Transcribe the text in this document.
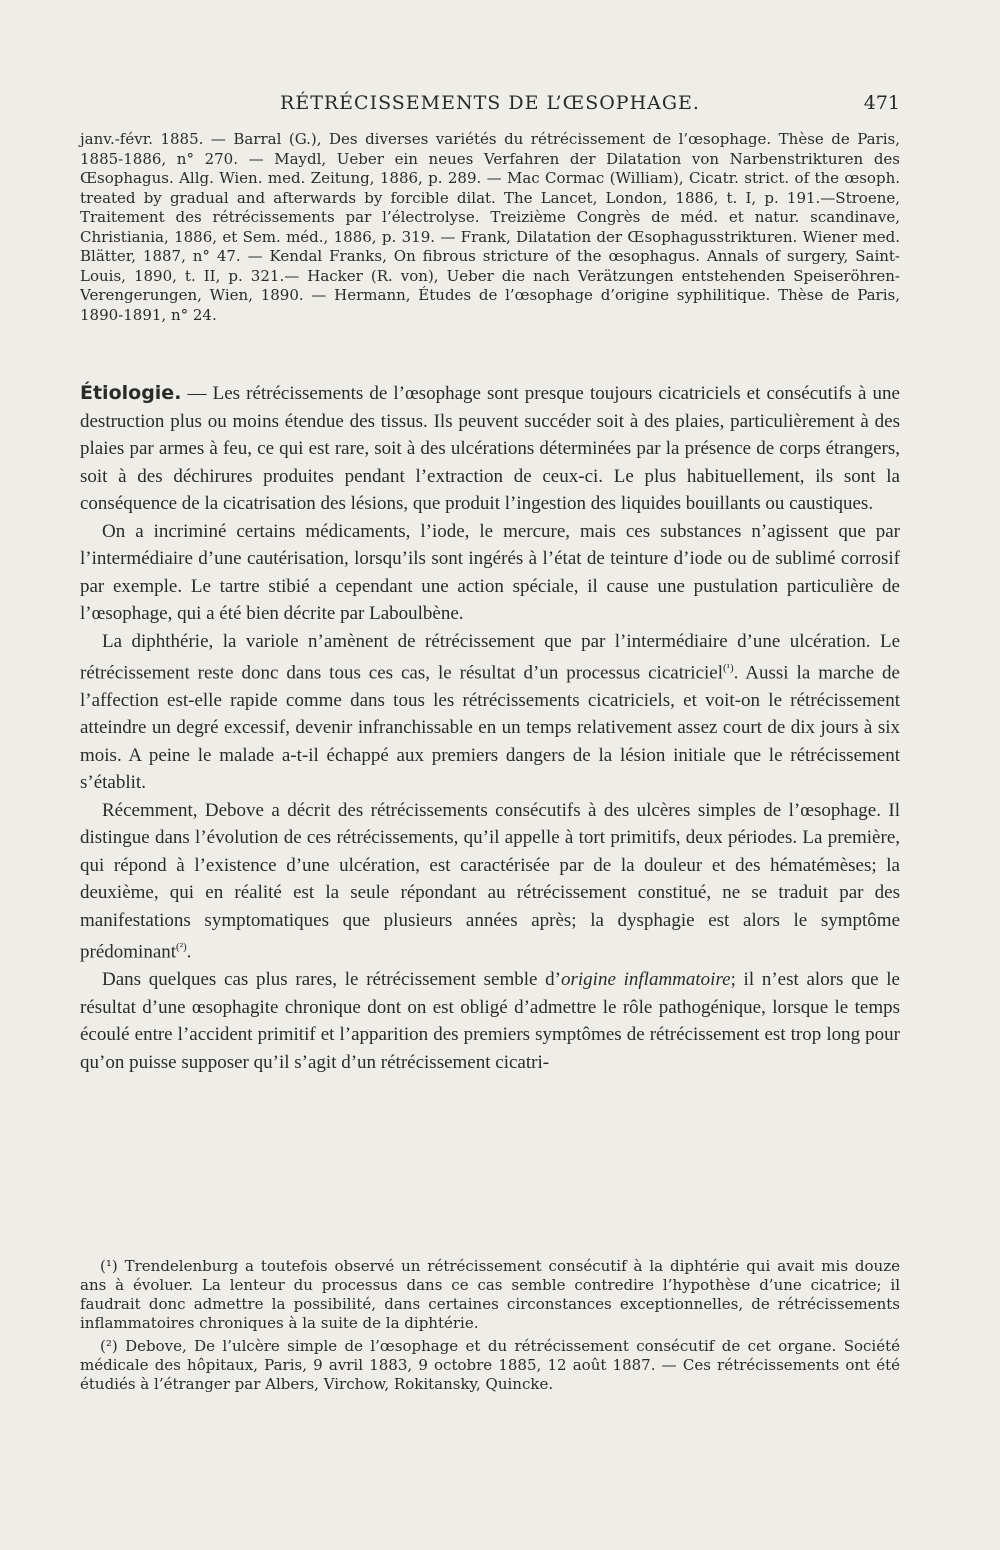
RÉTRÉCISSEMENTS DE L’ŒSOPHAGE.	471

janv.-févr. 1885. — Barral (G.), Des diverses variétés du rétrécissement de l’œsophage. Thèse de Paris, 1885-1886, n° 270. — Maydl, Ueber ein neues Verfahren der Dilatation von Narbenstrikturen des Œsophagus. Allg. Wien. med. Zeitung, 1886, p. 289. — Mac Cormac (William), Cicatr. strict. of the œsoph. treated by gradual and afterwards by forcible dilat. The Lancet, London, 1886, t. I, p. 191.—Stroene, Traitement des rétrécissements par l’électrolyse. Treizième Congrès de méd. et natur. scandinave, Christiania, 1886, et Sem. méd., 1886, p. 319. — Frank, Dilatation der Œsophagusstrikturen. Wiener med. Blätter, 1887, n° 47. — Kendal Franks, On fibrous stricture of the œsophagus. Annals of surgery, Saint-Louis, 1890, t. II, p. 321.— Hacker (R. von), Ueber die nach Verätzungen entstehenden Speiseröhren-Verengerungen, Wien, 1890. — Hermann, Études de l’œsophage d’origine syphilitique. Thèse de Paris, 1890-1891, n° 24.

Étiologie. — Les rétrécissements de l’œsophage sont presque toujours cicatriciels et consécutifs à une destruction plus ou moins étendue des tissus. Ils peuvent succéder soit à des plaies, particulièrement à des plaies par armes à feu, ce qui est rare, soit à des ulcérations déterminées par la présence de corps étrangers, soit à des déchirures produites pendant l’extraction de ceux-ci. Le plus habituellement, ils sont la conséquence de la cicatrisation des lésions, que produit l’ingestion des liquides bouillants ou caustiques.

On a incriminé certains médicaments, l’iode, le mercure, mais ces substances n’agissent que par l’intermédiaire d’une cautérisation, lorsqu’ils sont ingérés à l’état de teinture d’iode ou de sublimé corrosif par exemple. Le tartre stibié a cependant une action spéciale, il cause une pustulation particulière de l’œsophage, qui a été bien décrite par Laboulbène.

La diphthérie, la variole n’amènent de rétrécissement que par l’intermédiaire d’une ulcération. Le rétrécissement reste donc dans tous ces cas, le résultat d’un processus cicatriciel$^{(^1)}$. Aussi la marche de l’affection est-elle rapide comme dans tous les rétrécissements cicatriciels, et voit-on le rétrécissement atteindre un degré excessif, devenir infranchissable en un temps relativement assez court de dix jours à six mois. A peine le malade a-t-il échappé aux premiers dangers de la lésion initiale que le rétrécissement s’établit.

Récemment, Debove a décrit des rétrécissements consécutifs à des ulcères simples de l’œsophage. Il distingue dans l’évolution de ces rétrécissements, qu’il appelle à tort primitifs, deux périodes. La première, qui répond à l’existence d’une ulcération, est caractérisée par de la douleur et des hématémèses; la deuxième, qui en réalité est la seule répondant au rétrécissement constitué, ne se traduit par des manifestations symptomatiques que plusieurs années après; la dysphagie est alors le symptôme prédominant$^{(^2)}$.

Dans quelques cas plus rares, le rétrécissement semble d’origine inflammatoire; il n’est alors que le résultat d’une œsophagite chronique dont on est obligé d’admettre le rôle pathogénique, lorsque le temps écoulé entre l’accident primitif et l’apparition des premiers symptômes de rétrécissement est trop long pour qu’on puisse supposer qu’il s’agit d’un rétrécissement cicatri-

(¹) Trendelenburg a toutefois observé un rétrécissement consécutif à la diphtérie qui avait mis douze ans à évoluer. La lenteur du processus dans ce cas semble contredire l’hypothèse d’une cicatrice; il faudrait donc admettre la possibilité, dans certaines circonstances exceptionnelles, de rétrécissements inflammatoires chroniques à la suite de la diphtérie.

(²) Debove, De l’ulcère simple de l’œsophage et du rétrécissement consécutif de cet organe. Société médicale des hôpitaux, Paris, 9 avril 1883, 9 octobre 1885, 12 août 1887. — Ces rétrécissements ont été étudiés à l’étranger par Albers, Virchow, Rokitansky, Quincke.
